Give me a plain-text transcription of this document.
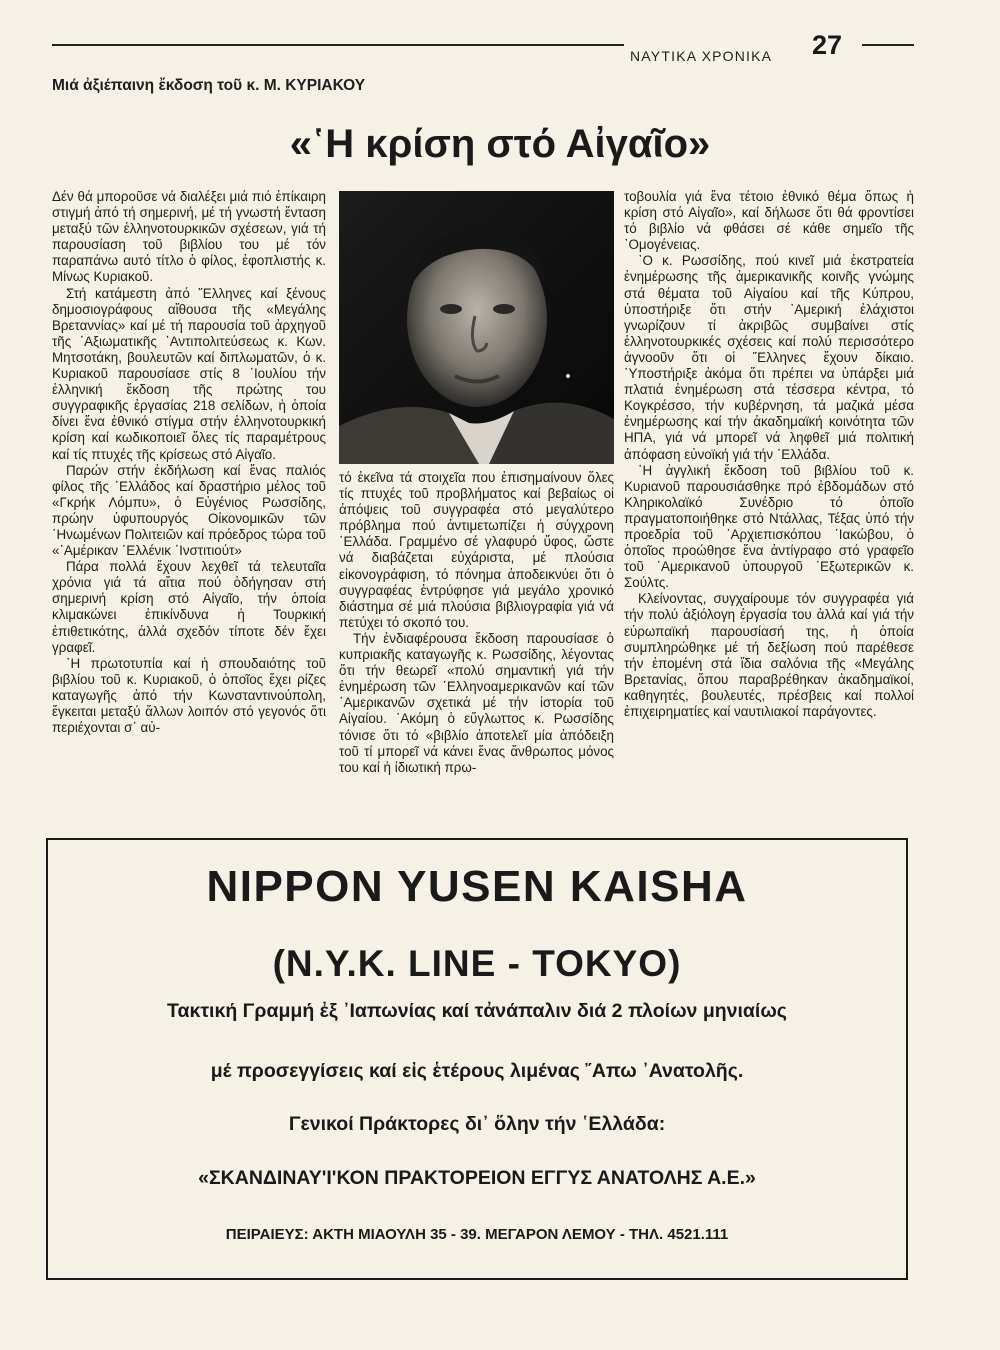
ΝΑΥΤΙΚΑ ΧΡΟΝΙΚΑ 27
Μιά ἀξιέπαινη ἔκδοση τοῦ κ. Μ. ΚΥΡΙΑΚΟΥ
«῾Η κρίση στό Αἰγαῖο»

Δέν θά μποροῦσε νά διαλέξει μιά πιό ἐπίκαιρη στιγμή ἀπό τή σημερινή, μέ τή γνωστή ἔνταση μεταξύ τῶν ἑλληνοτουρκικῶν σχέσεων, γιά τή παρουσίαση τοῦ βιβλίου του μέ τόν παραπάνω αυτό τίτλο ὁ φίλος, ἐφοπλιστής κ. Μίνως Κυριακοῦ.

Στή κατάμεστη ἀπό ῞Ελληνες καί ξένους δημοσιογράφους αἴθουσα τῆς «Μεγάλης Βρεταννίας» καί μέ τή παρουσία τοῦ ἀρχηγοῦ τῆς ᾽Αξιωματικῆς ᾽Αντιπολιτεύσεως κ. Κων. Μητσοτάκη, βουλευτῶν καί διπλωματῶν, ὁ κ. Κυριακοῦ παρουσίασε στίς 8 ᾽Ιουλίου τήν ἑλληνική ἔκδοση τῆς πρώτης του συγγραφικῆς ἐργασίας 218 σελίδων, ἡ ὁποία δίνει ἕνα ἐθνικό στίγμα στήν ἑλληνοτουρκική κρίση καί κωδικοποιεῖ ὅλες τίς παραμέτρους καί τίς πτυχές τῆς κρίσεως στό Αἰγαῖο.

Παρών στήν ἐκδήλωση καί ἕνας παλιός φίλος τῆς ῾Ελλάδος καί δραστήριο μέλος τοῦ «Γκρήκ Λόμπυ», ὁ Εὐγένιος Ρωσσίδης, πρώην ὑφυπουργός Οἰκονομικῶν τῶν ῾Ηνωμένων Πολιτειῶν καί πρόεδρος τώρα τοῦ «᾽Αμέρικαν ῾Ελλένικ ᾽Ινστιτιούτ»

Πάρα πολλά ἔχουν λεχθεῖ τά τελευταῖα χρόνια γιά τά αἴτια πού ὁδήγησαν στή σημερινή κρίση στό Αἰγαῖο, τήν ὁποία κλιμακώνει ἐπικίνδυνα ἡ Τουρκική ἐπιθετικότης, ἀλλά σχεδόν τίποτε δέν ἔχει γραφεῖ.

῾Η πρωτοτυπία καί ἡ σπουδαιότης τοῦ βιβλίου τοῦ κ. Κυριακοῦ, ὁ ὁποῖος ἔχει ρίζες καταγωγῆς ἀπό τήν Κωνσταντινούπολη, ἔγκειται μεταξύ ἄλλων λοιπόν στό γεγονός ὅτι περιέχονται σ᾽ αὐ-

τό ἐκεῖνα τά στοιχεῖα που ἐπισημαίνουν ὅλες τίς πτυχές τοῦ προβλήματος καί βεβαίως οἱ ἀπόψεις τοῦ συγγραφέα στό μεγαλύτερο πρόβλημα πού ἀντιμετωπίζει ἡ σύγχρονη ῾Ελλάδα. Γραμμένο σέ γλαφυρό ὕφος, ὥστε νά διαβάζεται εὐχάριστα, μέ πλούσια εἰκονογράφιση, τό πόνημα ἀποδεικνύει ὅτι ὁ συγγραφέας ἐντρύφησε γιά μεγάλο χρονικό διάστημα σέ μιά πλούσια βιβλιογραφία γιά νά πετύχει τό σκοπό του.

Τήν ἐνδιαφέρουσα ἔκδοση παρουσίασε ὁ κυπριακῆς καταγωγῆς κ. Ρωσσίδης, λέγοντας ὅτι τήν θεωρεῖ «πολύ σημαντική γιά τήν ἐνημέρωση τῶν ῾Ελληνοαμερικανῶν καί τῶν ᾽Αμερικανῶν σχετικά μέ τήν ἱστορία τοῦ Αἰγαίου. ᾽Ακόμη ὁ εὔγλωττος κ. Ρωσσίδης τόνισε ὅτι τό «βιβλίο ἀποτελεῖ μία ἀπόδειξη τοῦ τί μπορεῖ νά κάνει ἕνας ἄνθρωπος μόνος του καί ἡ ἰδιωτική πρω-

τοβουλία γιά ἕνα τέτοιο ἐθνικό θέμα ὅπως ἡ κρίση στό Αἰγαῖο», καί δήλωσε ὅτι θά φροντίσει τό βιβλίο νά φθάσει σέ κάθε σημεῖο τῆς ᾽Ομογένειας.

᾽Ο κ. Ρωσσίδης, πού κινεῖ μιά ἐκστρατεία ἐνημέρωσης τῆς ἀμερικανικῆς κοινῆς γνώμης στά θέματα τοῦ Αἰγαίου καί τῆς Κύπρου, ὑποστήριξε ὅτι στήν ᾽Αμερική ἐλάχιστοι γνωρίζουν τί ἀκριβῶς συμβαίνει στίς ἑλληνοτουρκικές σχέσεις καί πολύ περισσότερο ἀγνοοῦν ὅτι οἱ ῞Ελληνες ἔχουν δίκαιο. ῾Υποστήριξε ἀκόμα ὅτι πρέπει να ὑπάρξει μιά πλατιά ἐνημέρωση στά τέσσερα κέντρα, τό Κογκρέσσο, τήν κυβέρνηση, τά μαζικά μέσα ἐνημέρωσης καί τήν ἀκαδημαϊκή κοινότητα τῶν ΗΠΑ, γιά νά μπορεῖ νά ληφθεῖ μιά πολιτική ἀπόφαση εὐνοϊκή γιά τήν ῾Ελλάδα.

῾Η ἀγγλική ἔκδοση τοῦ βιβλίου τοῦ κ. Κυριανοῦ παρουσιάσθηκε πρό ἑβδομάδων στό Κληρικολαϊκό Συνέδριο τό ὁποῖο πραγματοποιήθηκε στό Ντάλλας, Τέξας ὑπό τήν προεδρία τοῦ ᾽Αρχιεπισκόπου ᾽Ιακώβου, ὁ ὁποῖος προώθησε ἕνα ἀντίγραφο στό γραφεῖο τοῦ ᾽Αμερικανοῦ ὑπουργοῦ ᾽Εξωτερικῶν κ. Σούλτς.

Κλείνοντας, συγχαίρουμε τόν συγγραφέα γιά τήν πολύ ἀξιόλογη ἐργασία του ἀλλά καί γιά τήν εὐρωπαϊκή παρουσίασή της, ἡ ὁποία συμπληρώθηκε μέ τή δεξίωση πού παρέθεσε τήν ἑπομένη στά ἴδια σαλόνια τῆς «Μεγάλης Βρετανίας, ὅπου παραβρέθηκαν ἀκαδημαϊκοί, καθηγητές, βουλευτές, πρέσβεις καί πολλοί ἐπιχειρηματίες καί ναυτιλιακοί παράγοντες.

NIPPON YUSEN KAISHA
(N.Y.K. LINE - TOKYO)
Τακτική Γραμμή ἐξ ᾽Ιαπωνίας καί τἀνάπαλιν διά 2 πλοίων μηνιαίως
μέ προσεγγίσεις καί εἰς ἑτέρους λιμένας ῎Απω ᾽Ανατολῆς.
Γενικοί Πράκτορες δι᾽ ὅλην τήν ῾Ελλάδα:
«ΣΚΑΝΔΙΝΑΥ'Ι'ΚΟΝ ΠΡΑΚΤΟΡΕΙΟΝ ΕΓΓΥΣ ΑΝΑΤΟΛΗΣ Α.Ε.»
ΠΕΙΡΑΙΕΥΣ: ΑΚΤΗ ΜΙΑΟΥΛΗ 35 - 39. ΜΕΓΑΡΟΝ ΛΕΜΟΥ - ΤΗΛ. 4521.111
